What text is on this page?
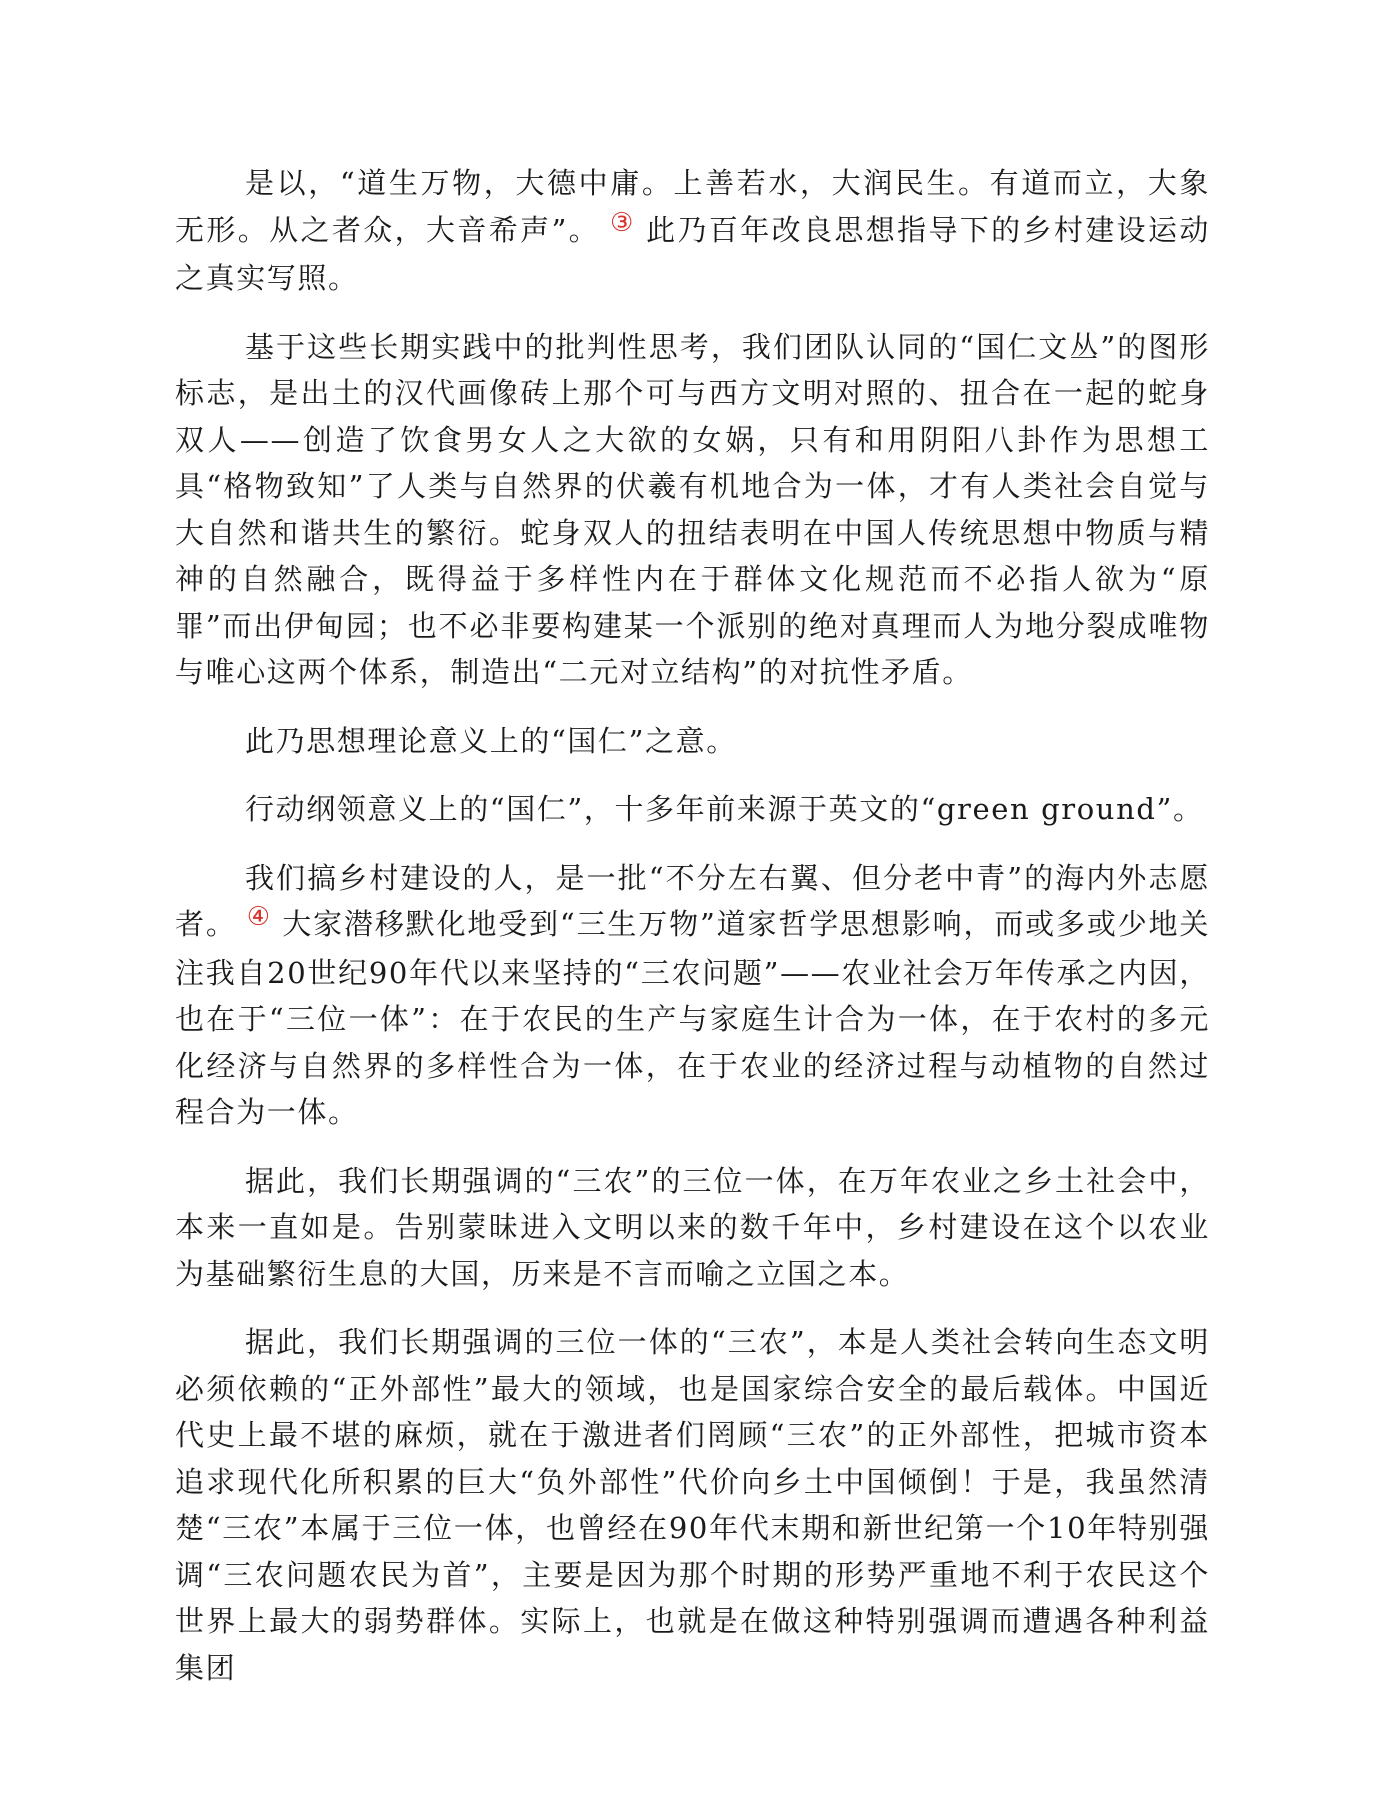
是以，“道生万物，大德中庸。上善若水，大润民生。有道而立，大象无形。从之者众，大音希声”。 ③ 此乃百年改良思想指导下的乡村建设运动之真实写照。

基于这些长期实践中的批判性思考，我们团队认同的“国仁文丛”的图形标志，是出土的汉代画像砖上那个可与西方文明对照的、扭合在一起的蛇身双人——创造了饮食男女人之大欲的女娲，只有和用阴阳八卦作为思想工具“格物致知”了人类与自然界的伏羲有机地合为一体，才有人类社会自觉与大自然和谐共生的繁衍。蛇身双人的扭结表明在中国人传统思想中物质与精神的自然融合，既得益于多样性内在于群体文化规范而不必指人欲为“原罪”而出伊甸园；也不必非要构建某一个派别的绝对真理而人为地分裂成唯物与唯心这两个体系，制造出“二元对立结构”的对抗性矛盾。

此乃思想理论意义上的“国仁”之意。

行动纲领意义上的“国仁”，十多年前来源于英文的“green ground”。

我们搞乡村建设的人，是一批“不分左右翼、但分老中青”的海内外志愿者。 ④ 大家潜移默化地受到“三生万物”道家哲学思想影响，而或多或少地关注我自20世纪90年代以来坚持的“三农问题”——农业社会万年传承之内因，也在于“三位一体”：在于农民的生产与家庭生计合为一体，在于农村的多元化经济与自然界的多样性合为一体，在于农业的经济过程与动植物的自然过程合为一体。

据此，我们长期强调的“三农”的三位一体，在万年农业之乡土社会中，本来一直如是。告别蒙昧进入文明以来的数千年中，乡村建设在这个以农业为基础繁衍生息的大国，历来是不言而喻之立国之本。

据此，我们长期强调的三位一体的“三农”，本是人类社会转向生态文明必须依赖的“正外部性”最大的领域，也是国家综合安全的最后载体。中国近代史上最不堪的麻烦，就在于激进者们罔顾“三农”的正外部性，把城市资本追求现代化所积累的巨大“负外部性”代价向乡土中国倾倒！于是，我虽然清楚“三农”本属于三位一体，也曾经在90年代末期和新世纪第一个10年特别强调“三农问题农民为首”，主要是因为那个时期的形势严重地不利于农民这个世界上最大的弱势群体。实际上，也就是在做这种特别强调而遭遇各种利益集团
